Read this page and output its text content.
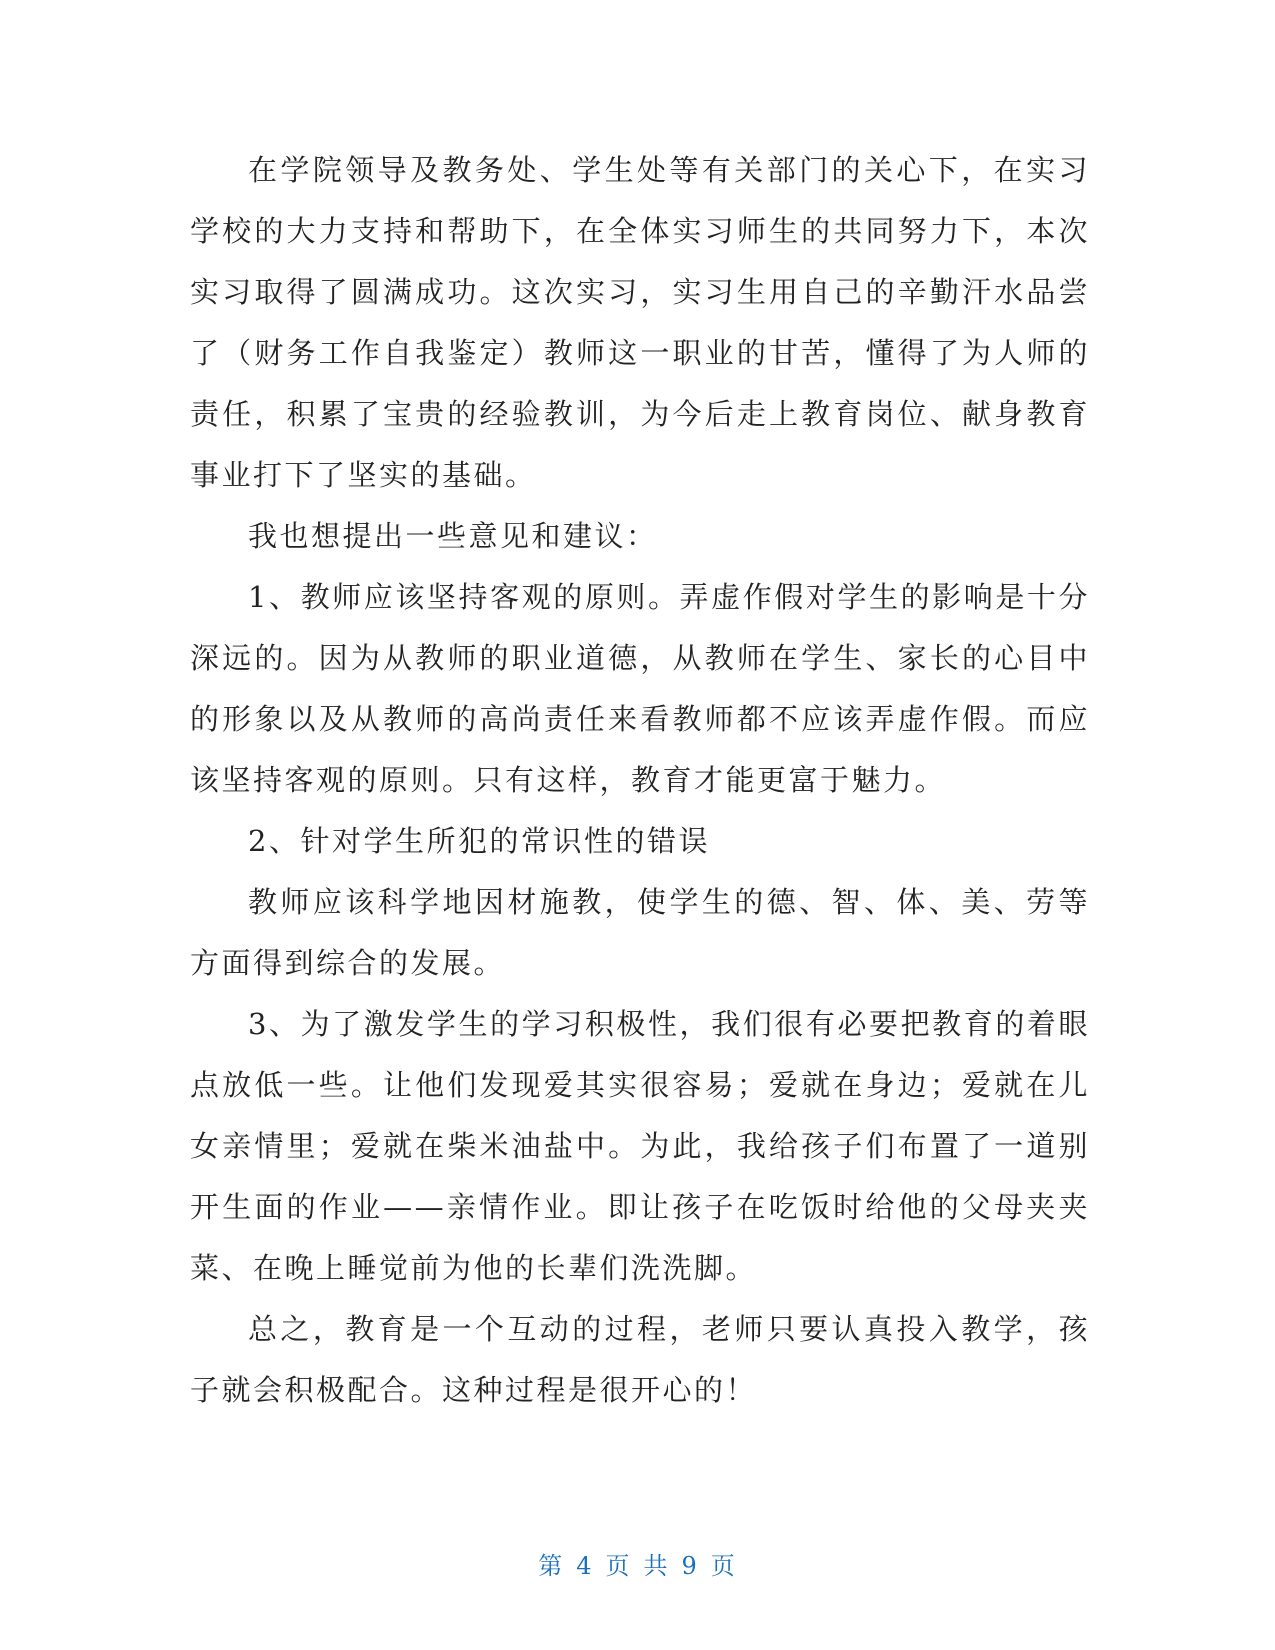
在学院领导及教务处、学生处等有关部门的关心下，在实习学校的大力支持和帮助下，在全体实习师生的共同努力下，本次实习取得了圆满成功。这次实习，实习生用自己的辛勤汗水品尝了（财务工作自我鉴定）教师这一职业的甘苦，懂得了为人师的责任，积累了宝贵的经验教训，为今后走上教育岗位、献身教育事业打下了坚实的基础。

我也想提出一些意见和建议：

1、教师应该坚持客观的原则。弄虚作假对学生的影响是十分深远的。因为从教师的职业道德，从教师在学生、家长的心目中的形象以及从教师的高尚责任来看教师都不应该弄虚作假。而应该坚持客观的原则。只有这样，教育才能更富于魅力。

2、针对学生所犯的常识性的错误

教师应该科学地因材施教，使学生的德、智、体、美、劳等方面得到综合的发展。

3、为了激发学生的学习积极性，我们很有必要把教育的着眼点放低一些。让他们发现爱其实很容易；爱就在身边；爱就在儿女亲情里；爱就在柴米油盐中。为此，我给孩子们布置了一道别开生面的作业——亲情作业。即让孩子在吃饭时给他的父母夹夹菜、在晚上睡觉前为他的长辈们洗洗脚。

总之，教育是一个互动的过程，老师只要认真投入教学，孩子就会积极配合。这种过程是很开心的！

第 4 页 共 9 页
